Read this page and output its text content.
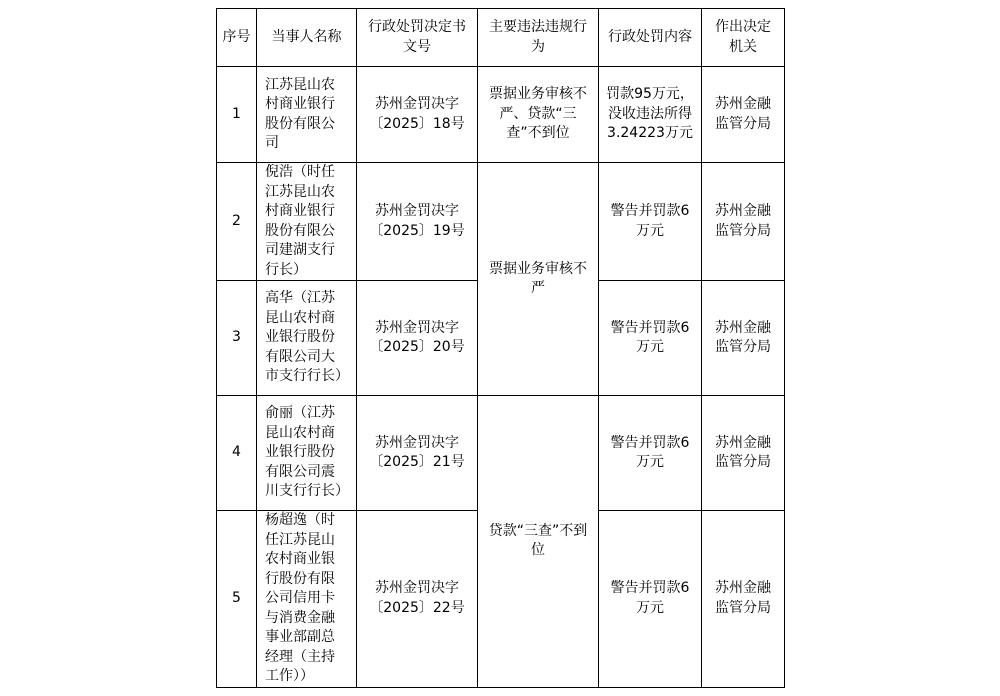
序号	当事人名称	行政处罚决定书文号	主要违法违规行为	行政处罚内容	作出决定机关
1	江苏昆山农村商业银行股份有限公司	苏州金罚决字〔2025〕18号	票据业务审核不严、贷款“三查”不到位	罚款95万元，没收违法所得3.24223万元	苏州金融监管分局
2	倪浩（时任江苏昆山农村商业银行股份有限公司建湖支行行长）	苏州金罚决字〔2025〕19号	票据业务审核不严	警告并罚款6万元	苏州金融监管分局
3	高华（江苏昆山农村商业银行股份有限公司大市支行行长）	苏州金罚决字〔2025〕20号		警告并罚款6万元	苏州金融监管分局
4	俞丽（江苏昆山农村商业银行股份有限公司震川支行行长）	苏州金罚决字〔2025〕21号	贷款“三查”不到位	警告并罚款6万元	苏州金融监管分局
5	杨超逸（时任江苏昆山农村商业银行股份有限公司信用卡与消费金融事业部副总经理（主持工作））	苏州金罚决字〔2025〕22号		警告并罚款6万元	苏州金融监管分局
